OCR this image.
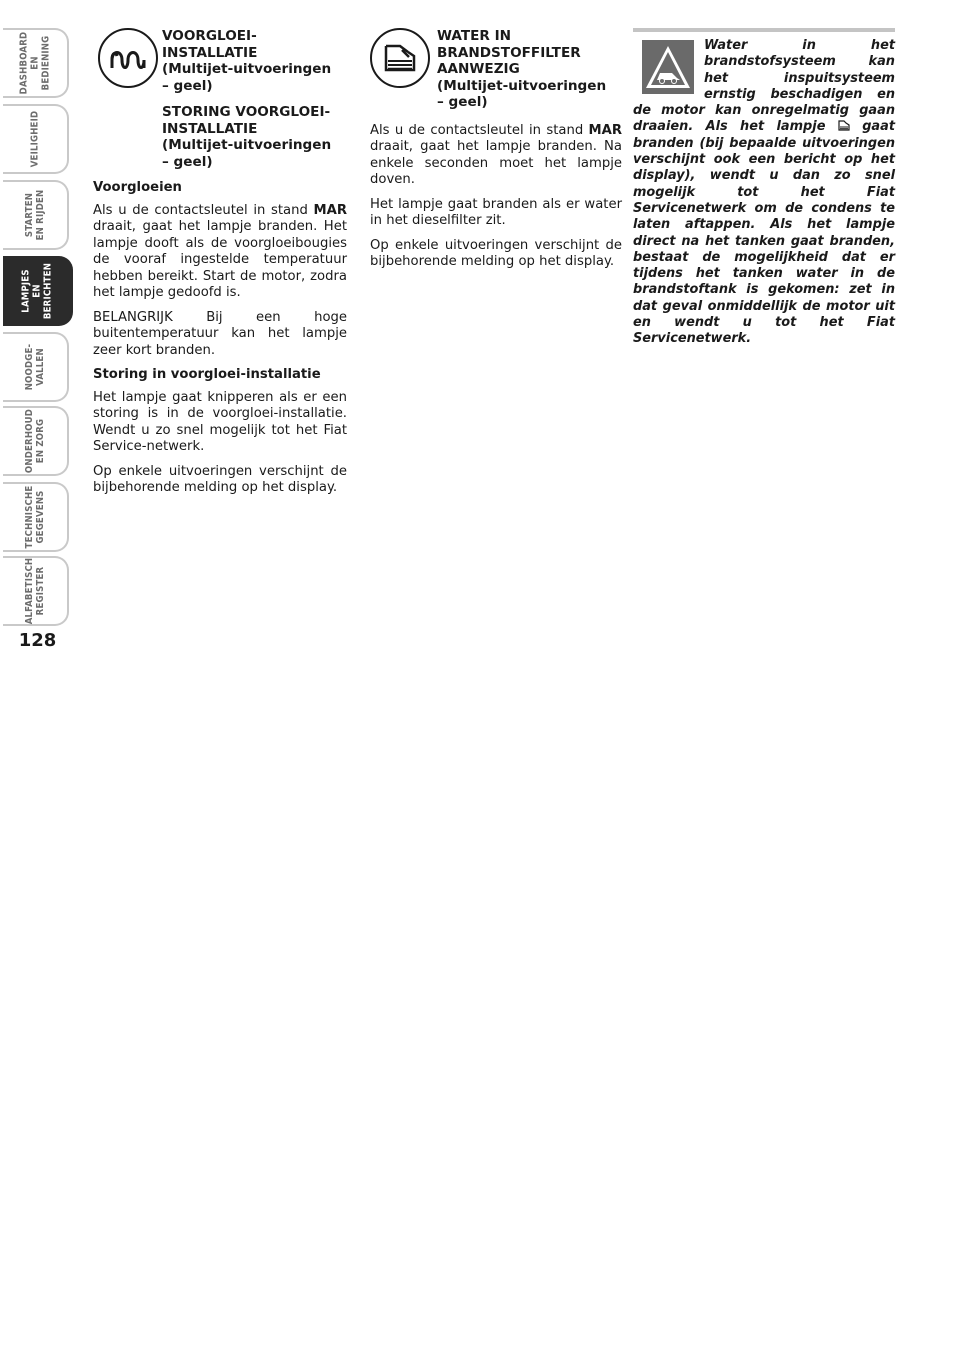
DASHBOARD
EN BEDIENING
VEILIGHEID
STARTEN
EN RIJDEN
LAMPJES
EN BERICHTEN
NOODGE-
VALLEN
ONDERHOUD
EN ZORG
TECHNISCHE
GEGEVENS
ALFABETISCH
REGISTER
128
VOORGLOEI-
INSTALLATIE
(Multijet-uitvoeringen
– geel)
STORING VOORGLOEI-
INSTALLATIE
(Multijet-uitvoeringen
– geel)
Voorgloeien

Als u de contactsleutel in stand MAR draait, gaat het lampje branden. Het lampje dooft als de voorgloeibougies de vooraf ingestelde temperatuur hebben bereikt. Start de motor, zodra het lampje gedoofd is.

BELANGRIJK Bij een hoge buitentemperatuur kan het lampje zeer kort branden.

Storing in voorgloei-installatie

Het lampje gaat knipperen als er een storing is in de voorgloei-installatie. Wendt u zo snel mogelijk tot het Fiat Service-netwerk.

Op enkele uitvoeringen verschijnt de bijbehorende melding op het display.

WATER IN
BRANDSTOFFILTER
AANWEZIG
(Multijet-uitvoeringen
– geel)

Als u de contactsleutel in stand MAR draait, gaat het lampje branden. Na enkele seconden moet het lampje doven.

Het lampje gaat branden als er water in het dieselfilter zit.

Op enkele uitvoeringen verschijnt de bijbehorende melding op het display.

Water in het brandstofsysteem kan het inspuitsysteem ernstig beschadigen en de motor kan onregelmatig gaan draaien. Als het lampje  gaat branden (bij bepaalde uitvoeringen verschijnt ook een bericht op het display), wendt u dan zo snel mogelijk tot het Fiat Servicenetwerk om de condens te laten aftappen. Als het lampje direct na het tanken gaat branden, bestaat de mogelijkheid dat er tijdens het tanken water in de brandstoftank is gekomen: zet in dat geval onmiddellijk de motor uit en wendt u tot het Fiat Servicenetwerk.
